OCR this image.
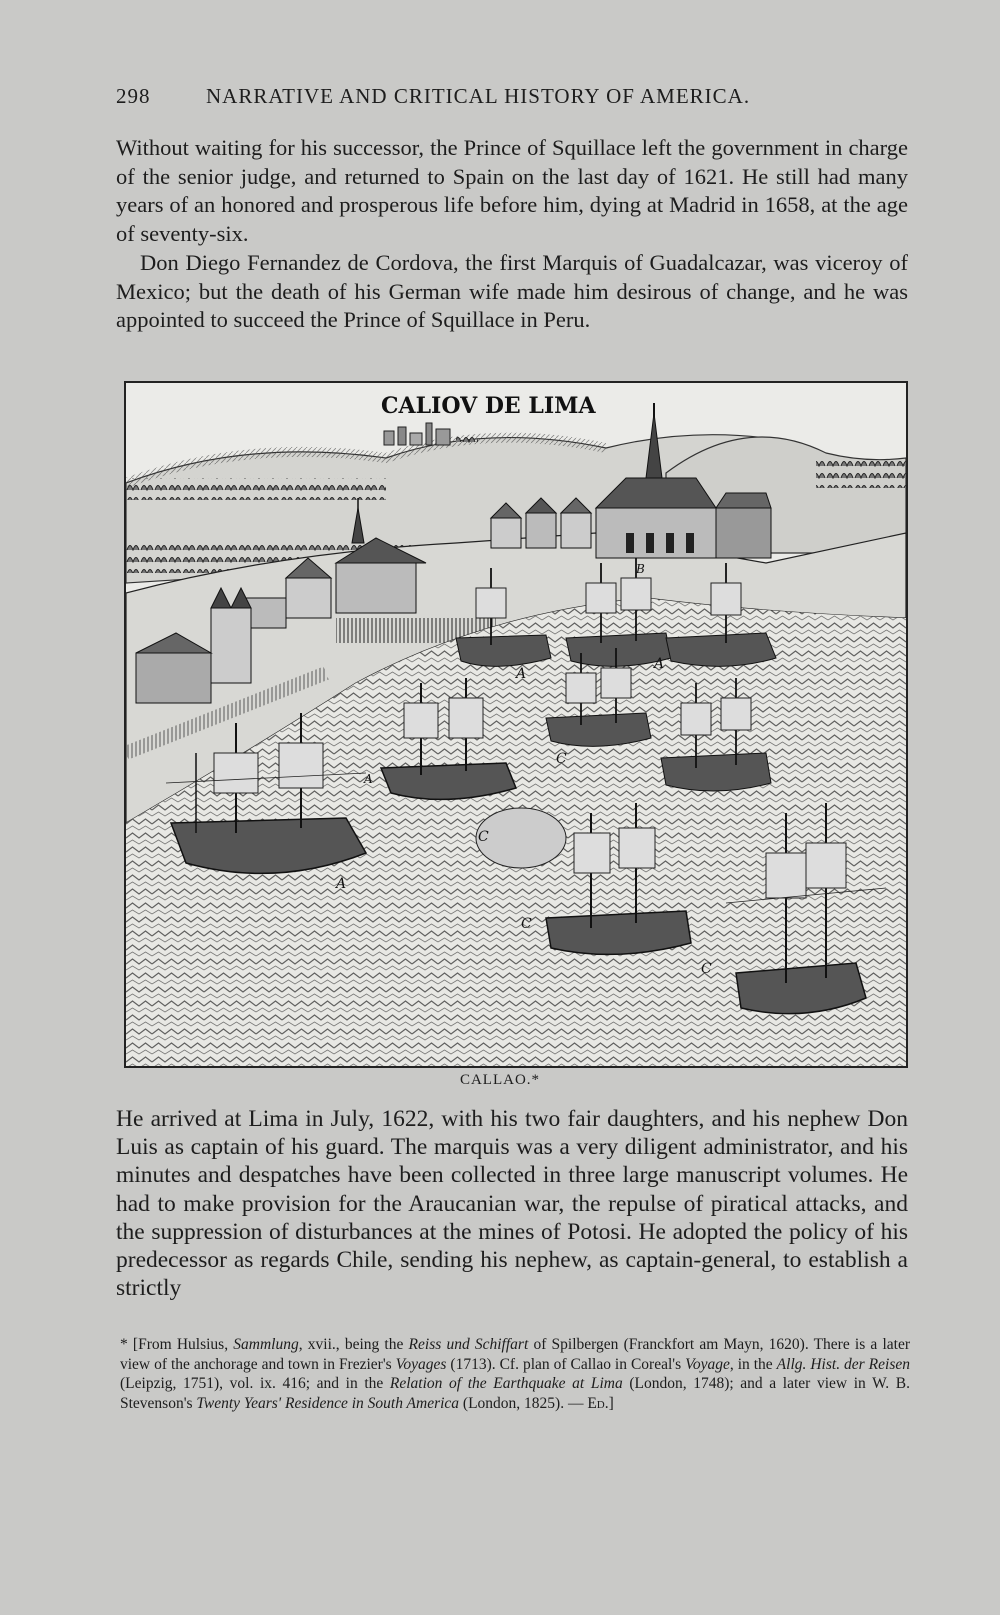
298	NARRATIVE AND CRITICAL HISTORY OF AMERICA.

Without waiting for his successor, the Prince of Squillace left the government in charge of the senior judge, and returned to Spain on the last day of 1621. He still had many years of an honored and prosperous life before him, dying at Madrid in 1658, at the age of seventy-six.

Don Diego Fernandez de Cordova, the first Marquis of Guadalcazar, was viceroy of Mexico; but the death of his German wife made him desirous of change, and he was appointed to succeed the Prince of Squillace in Peru.

CALIOV DE LIMA
A
A
A
A
C
C
C
C
B
CALLAO.*

He arrived at Lima in July, 1622, with his two fair daughters, and his nephew Don Luis as captain of his guard. The marquis was a very diligent administrator, and his minutes and despatches have been collected in three large manuscript volumes. He had to make provision for the Araucanian war, the repulse of piratical attacks, and the suppression of disturbances at the mines of Potosi. He adopted the policy of his predecessor as regards Chile, sending his nephew, as captain-general, to establish a strictly

* [From Hulsius, Sammlung, xvii., being the Reiss und Schiffart of Spilbergen (Franckfort am Mayn, 1620). There is a later view of the anchorage and town in Frezier's Voyages (1713). Cf. plan of Callao in Coreal's Voyage, in the Allg. Hist. der Reisen (Leipzig, 1751), vol. ix. 416; and in the Relation of the Earthquake at Lima (London, 1748); and a later view in W. B. Stevenson's Twenty Years' Residence in South America (London, 1825). — Ed.]
